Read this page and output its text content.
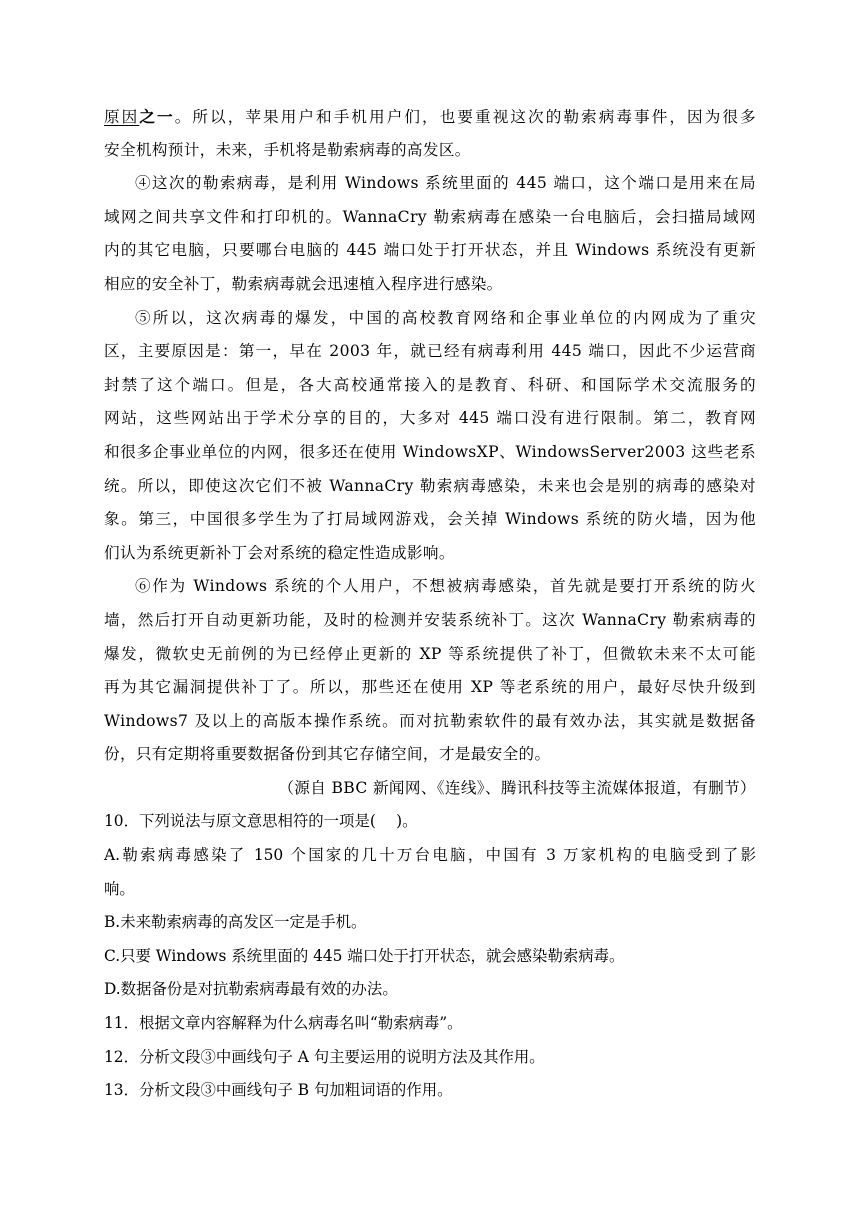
原因之一。所以，苹果用户和手机用户们，也要重视这次的勒索病毒事件，因为很多
安全机构预计，未来，手机将是勒索病毒的高发区。
④这次的勒索病毒，是利用 Windows 系统里面的 445 端口，这个端口是用来在局
域网之间共享文件和打印机的。WannaCry 勒索病毒在感染一台电脑后，会扫描局域网
内的其它电脑，只要哪台电脑的 445 端口处于打开状态，并且 Windows 系统没有更新
相应的安全补丁，勒索病毒就会迅速植入程序进行感染。
⑤所以，这次病毒的爆发，中国的高校教育网络和企事业单位的内网成为了重灾
区，主要原因是：第一，早在 2003 年，就已经有病毒利用 445 端口，因此不少运营商
封禁了这个端口。但是，各大高校通常接入的是教育、科研、和国际学术交流服务的
网站，这些网站出于学术分享的目的，大多对 445 端口没有进行限制。第二，教育网
和很多企事业单位的内网，很多还在使用 WindowsXP、WindowsServer2003 这些老系
统。所以，即使这次它们不被 WannaCry 勒索病毒感染，未来也会是别的病毒的感染对
象。第三，中国很多学生为了打局域网游戏，会关掉 Windows 系统的防火墙，因为他
们认为系统更新补丁会对系统的稳定性造成影响。
⑥作为 Windows 系统的个人用户，不想被病毒感染，首先就是要打开系统的防火
墙，然后打开自动更新功能，及时的检测并安装系统补丁。这次 WannaCry 勒索病毒的
爆发，微软史无前例的为已经停止更新的 XP 等系统提供了补丁，但微软未来不太可能
再为其它漏洞提供补丁了。所以，那些还在使用 XP 等老系统的用户，最好尽快升级到
Windows7 及以上的高版本操作系统。而对抗勒索软件的最有效办法，其实就是数据备
份，只有定期将重要数据备份到其它存储空间，才是最安全的。
（源自 BBC 新闻网、《连线》、腾讯科技等主流媒体报道，有删节）
10．下列说法与原文意思相符的一项是(　 )。
A.勒索病毒感染了 150 个国家的几十万台电脑，中国有 3 万家机构的电脑受到了影
响。
B.未来勒索病毒的高发区一定是手机。
C.只要 Windows 系统里面的 445 端口处于打开状态，就会感染勒索病毒。
D.数据备份是对抗勒索病毒最有效的办法。
11．根据文章内容解释为什么病毒名叫“勒索病毒”。
12．分析文段③中画线句子 A 句主要运用的说明方法及其作用。
13．分析文段③中画线句子 B 句加粗词语的作用。
